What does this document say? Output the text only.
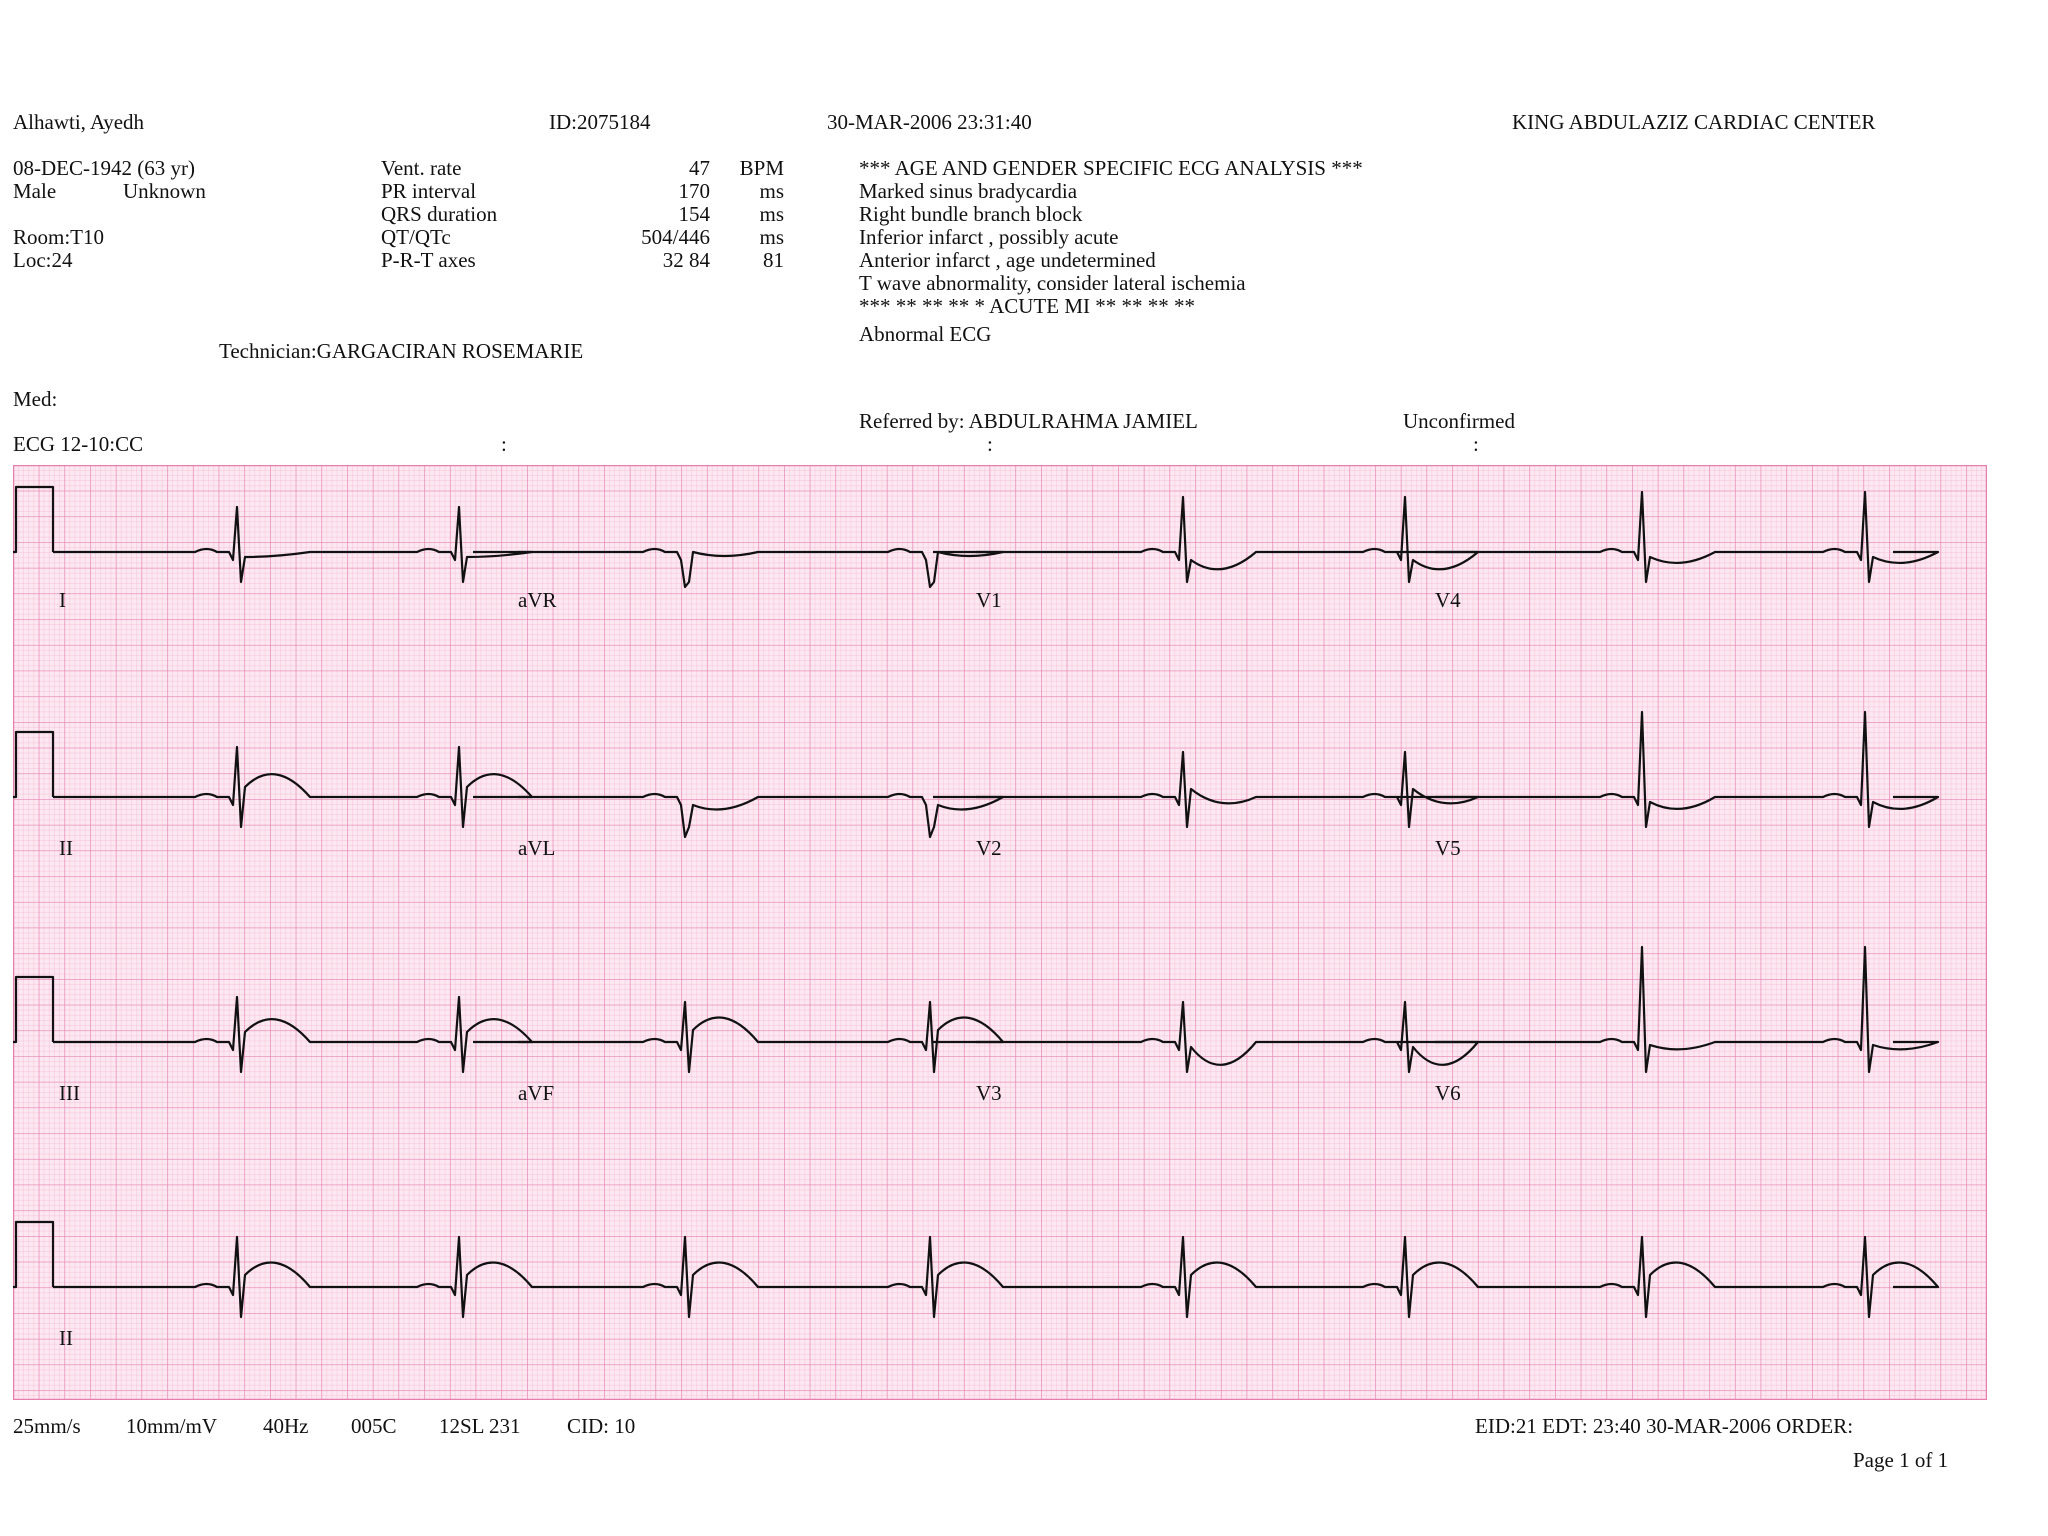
Alhawti, Ayedh	ID:2075184	30-MAR-2006 23:31:40	KING ABDULAZIZ CARDIAC CENTER
08-DEC-1942 (63 yr)
Male	Unknown
Room:T10
Loc:24
Vent. rate	47	BPM
PR interval	170	ms
QRS duration	154	ms
QT/QTc	504/446	ms
P-R-T axes	32 84	81
*** AGE AND GENDER SPECIFIC ECG ANALYSIS ***
Marked sinus bradycardia
Right bundle branch block
Inferior infarct , possibly acute
Anterior infarct , age undetermined
T wave abnormality, consider lateral ischemia
*** ** ** ** * ACUTE MI ** ** ** **
Abnormal ECG
Technician:GARGACIRAN ROSEMARIE
Med:
Referred by: ABDULRAHMA JAMIEL	Unconfirmed
ECG 12-10:CC	:	:	:
I	aVR	V1	V4
II	aVL	V2	V5
III	aVF	V3	V6
II
25mm/s 10mm/mV 40Hz 005C 12SL 231 CID: 10	EID:21 EDT: 23:40 30-MAR-2006 ORDER:
Page 1 of 1
